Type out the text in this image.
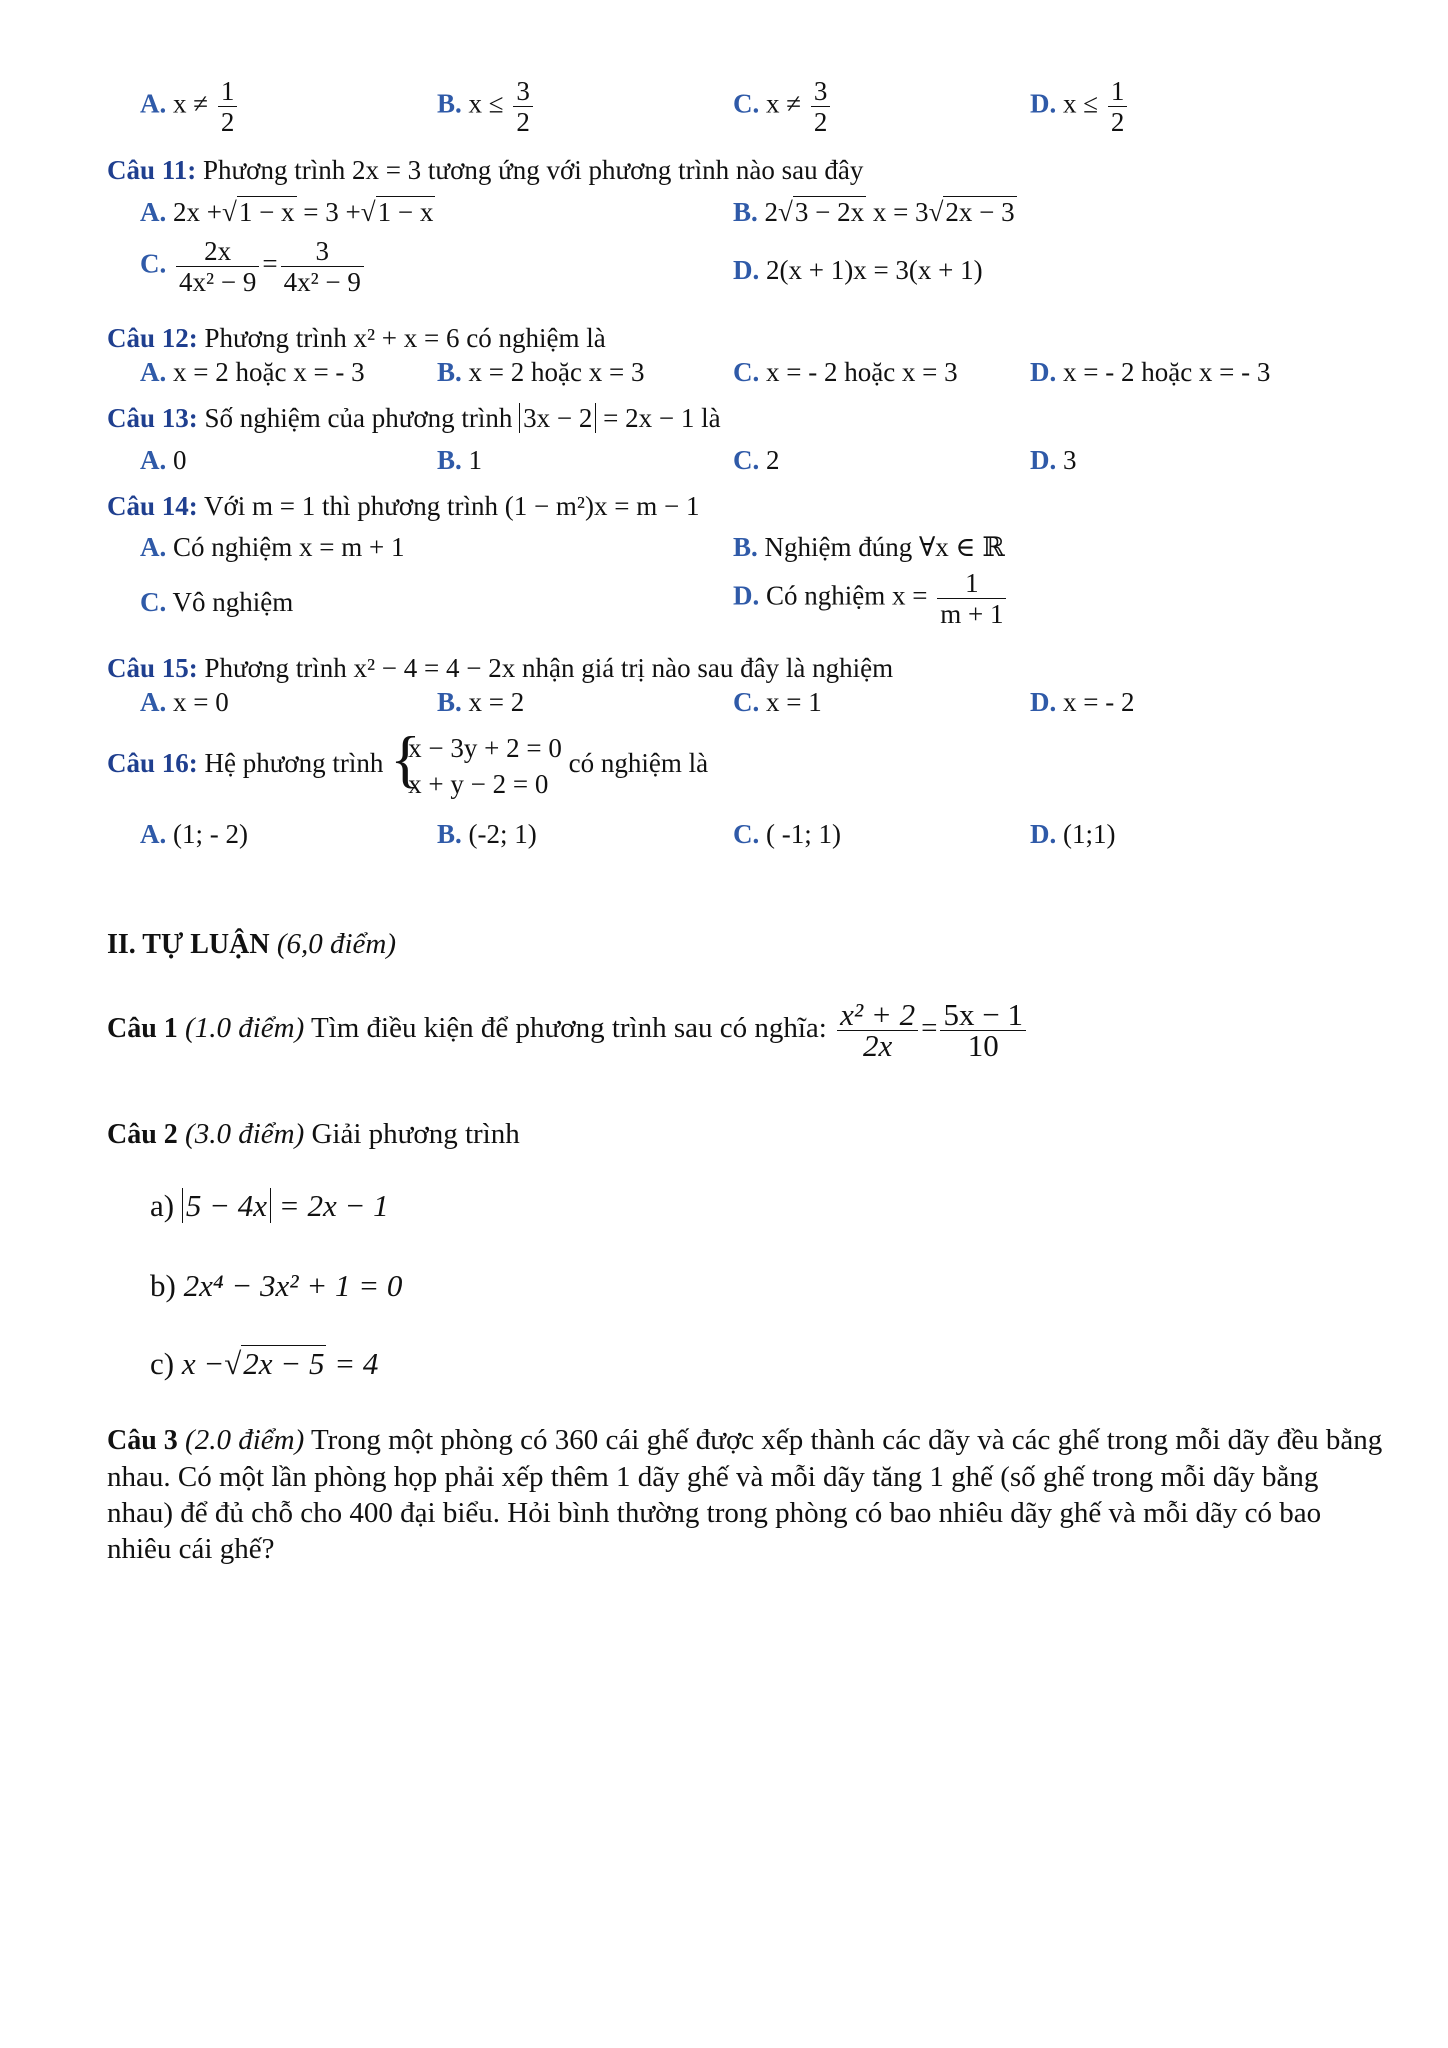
A. $x \ne \frac{1}{2}$	B. $x \le \frac{3}{2}$	C. $x \ne \frac{3}{2}$	D. $x \le \frac{1}{2}$
Câu 11: Phương trình 2x = 3 tương ứng với phương trình nào sau đây
A. 2x +√1 − x = 3 +√1 − x	B. 2√3 − 2x x = 3√2x − 3
C. $\frac{2x}{\text{4x² − 9}} = \frac{3}{\text{4x² − 9}}$	D. 2(x + 1)x = 3(x + 1)
Câu 12: Phương trình x² + x = 6 có nghiệm là
A. x = 2 hoặc x = - 3	B. x = 2 hoặc x = 3	C. x = - 2 hoặc x = 3	D. x = - 2 hoặc x = - 3
Câu 13: Số nghiệm của phương trình 3x − 2 = 2x − 1 là
A. 0	B. 1	C. 2	D. 3
Câu 14: Với m = 1 thì phương trình (1 − m²)x = m − 1
A. Có nghiệm x = m + 1	B. Nghiệm đúng ∀x ∈ ℝ
C. Vô nghiệm	D. Có nghiệm $x = \frac{1}{m + 1}$
Câu 15: Phương trình x² − 4 = 4 − 2x nhận giá trị nào sau đây là nghiệm
A. x = 0	B. x = 2	C. x = 1	D. x = - 2
Câu 16: Hệ phương trình {
x − 3y + 2 = 0
x + y − 2 = 0
có nghiệm là
A. (1; - 2)	B. (-2; 1)	C. ( -1; 1)	D. (1;1)
II. TỰ LUẬN (6,0 điểm)
Câu 1 (1.0 điểm) Tìm điều kiện để phương trình sau có nghĩa: $\frac{\text{x² + 2}}{2x} = \frac{5x - 1}{10}$
Câu 2 (3.0 điểm) Giải phương trình
a) 5 − 4x = 2x − 1
b) 2x⁴ − 3x² + 1 = 0
c) x −√2x − 5 = 4
Câu 3 (2.0 điểm) Trong một phòng có 360 cái ghế được xếp thành các dãy và các ghế trong mỗi dãy đều bằng nhau. Có một lần phòng họp phải xếp thêm 1 dãy ghế và mỗi dãy tăng 1 ghế (số ghế trong mỗi dãy bằng nhau) để đủ chỗ cho 400 đại biểu. Hỏi bình thường trong phòng có bao nhiêu dãy ghế và mỗi dãy có bao nhiêu cái ghế?
